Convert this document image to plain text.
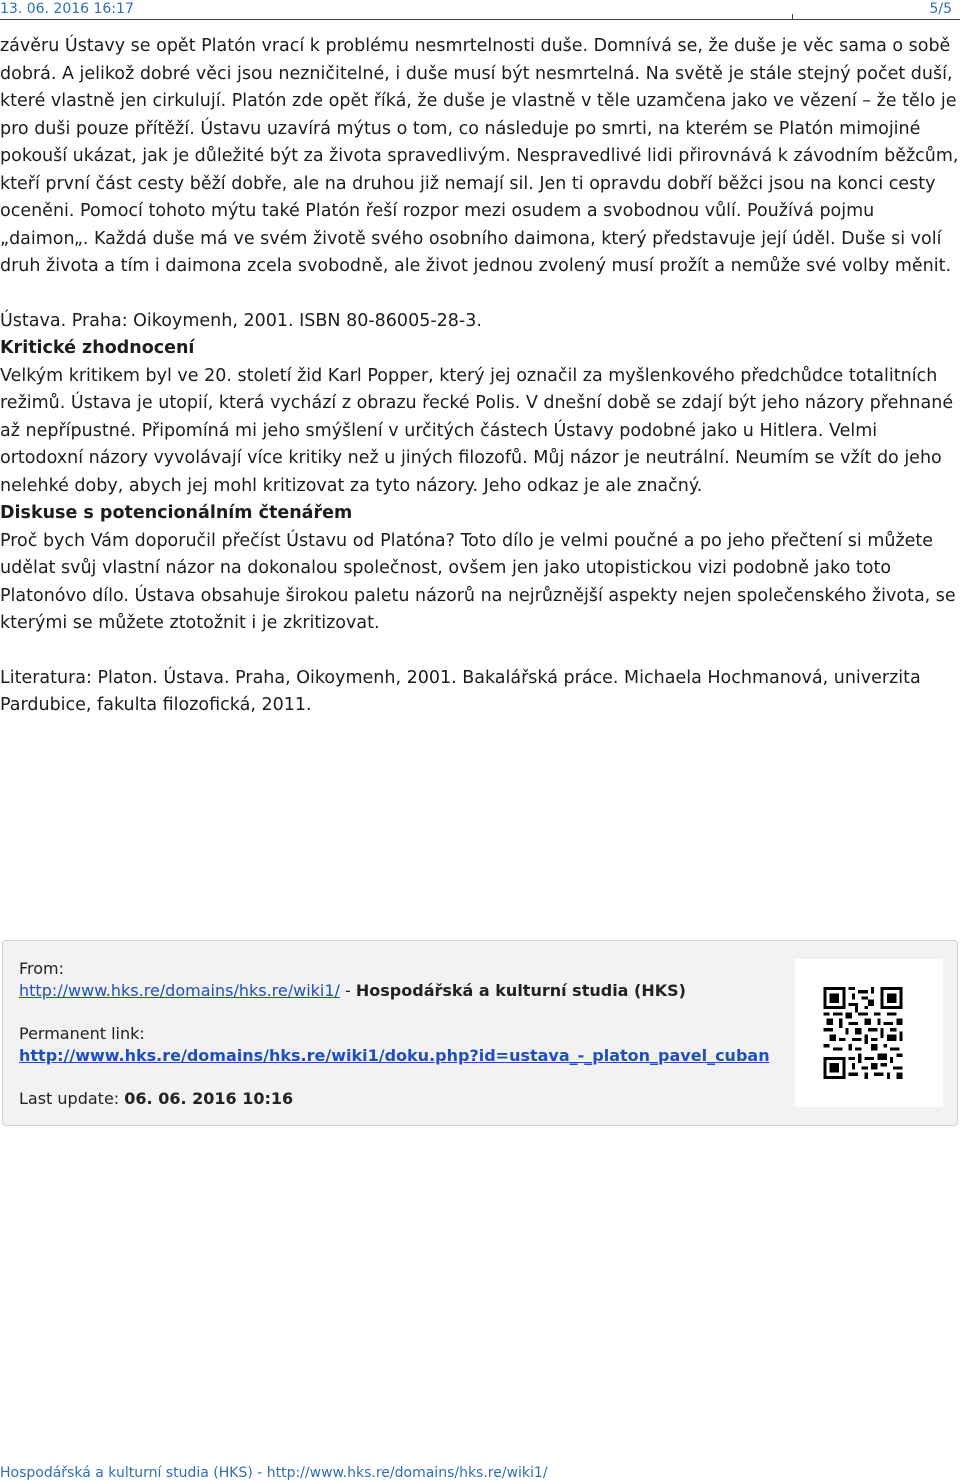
13. 06. 2016 16:17	5/5

závěru Ústavy se opět Platón vrací k problému nesmrtelnosti duše. Domnívá se, že duše je věc sama o sobě dobrá. A jelikož dobré věci jsou nezničitelné, i duše musí být nesmrtelná. Na světě je stále stejný počet duší, které vlastně jen cirkulují. Platón zde opět říká, že duše je vlastně v těle uzamčena jako ve vězení – že tělo je pro duši pouze přítěží. Ústavu uzavírá mýtus o tom, co následuje po smrti, na kterém se Platón mimojiné pokouší ukázat, jak je důležité být za života spravedlivým. Nespravedlivé lidi přirovnává k závodním běžcům, kteří první část cesty běží dobře, ale na druhou již nemají sil. Jen ti opravdu dobří běžci jsou na konci cesty oceněni. Pomocí tohoto mýtu také Platón řeší rozpor mezi osudem a svobodnou vůlí. Používá pojmu „daimon„. Každá duše má ve svém životě svého osobního daimona, který představuje její úděl. Duše si volí druh života a tím i daimona zcela svobodně, ale život jednou zvolený musí prožít a nemůže své volby měnit.

Ústava. Praha: Oikoymenh, 2001. ISBN 80-86005-28-3.

Kritické zhodnocení

Velkým kritikem byl ve 20. století žid Karl Popper, který jej označil za myšlenkového předchůdce totalitních režimů. Ústava je utopií, která vychází z obrazu řecké Polis. V dnešní době se zdají být jeho názory přehnané až nepřípustné. Připomíná mi jeho smýšlení v určitých částech Ústavy podobné jako u Hitlera. Velmi ortodoxní názory vyvolávají více kritiky než u jiných filozofů. Můj názor je neutrální. Neumím se vžít do jeho nelehké doby, abych jej mohl kritizovat za tyto názory. Jeho odkaz je ale značný.

Diskuse s potencionálním čtenářem

Proč bych Vám doporučil přečíst Ústavu od Platóna? Toto dílo je velmi poučné a po jeho přečtení si můžete udělat svůj vlastní názor na dokonalou společnost, ovšem jen jako utopistickou vizi podobně jako toto Platonóvo dílo. Ústava obsahuje širokou paletu názorů na nejrůznější aspekty nejen společenského života, se kterými se můžete ztotožnit i je zkritizovat.

Literatura: Platon. Ústava. Praha, Oikoymenh, 2001. Bakalářská práce. Michaela Hochmanová, univerzita Pardubice, fakulta filozofická, 2011.

From:
http://www.hks.re/domains/hks.re/wiki1/ - Hospodářská a kulturní studia (HKS)
Permanent link:
http://www.hks.re/domains/hks.re/wiki1/doku.php?id=ustava_-_platon_pavel_cuban
Last update: 06. 06. 2016 10:16
Hospodářská a kulturní studia (HKS) - http://www.hks.re/domains/hks.re/wiki1/
